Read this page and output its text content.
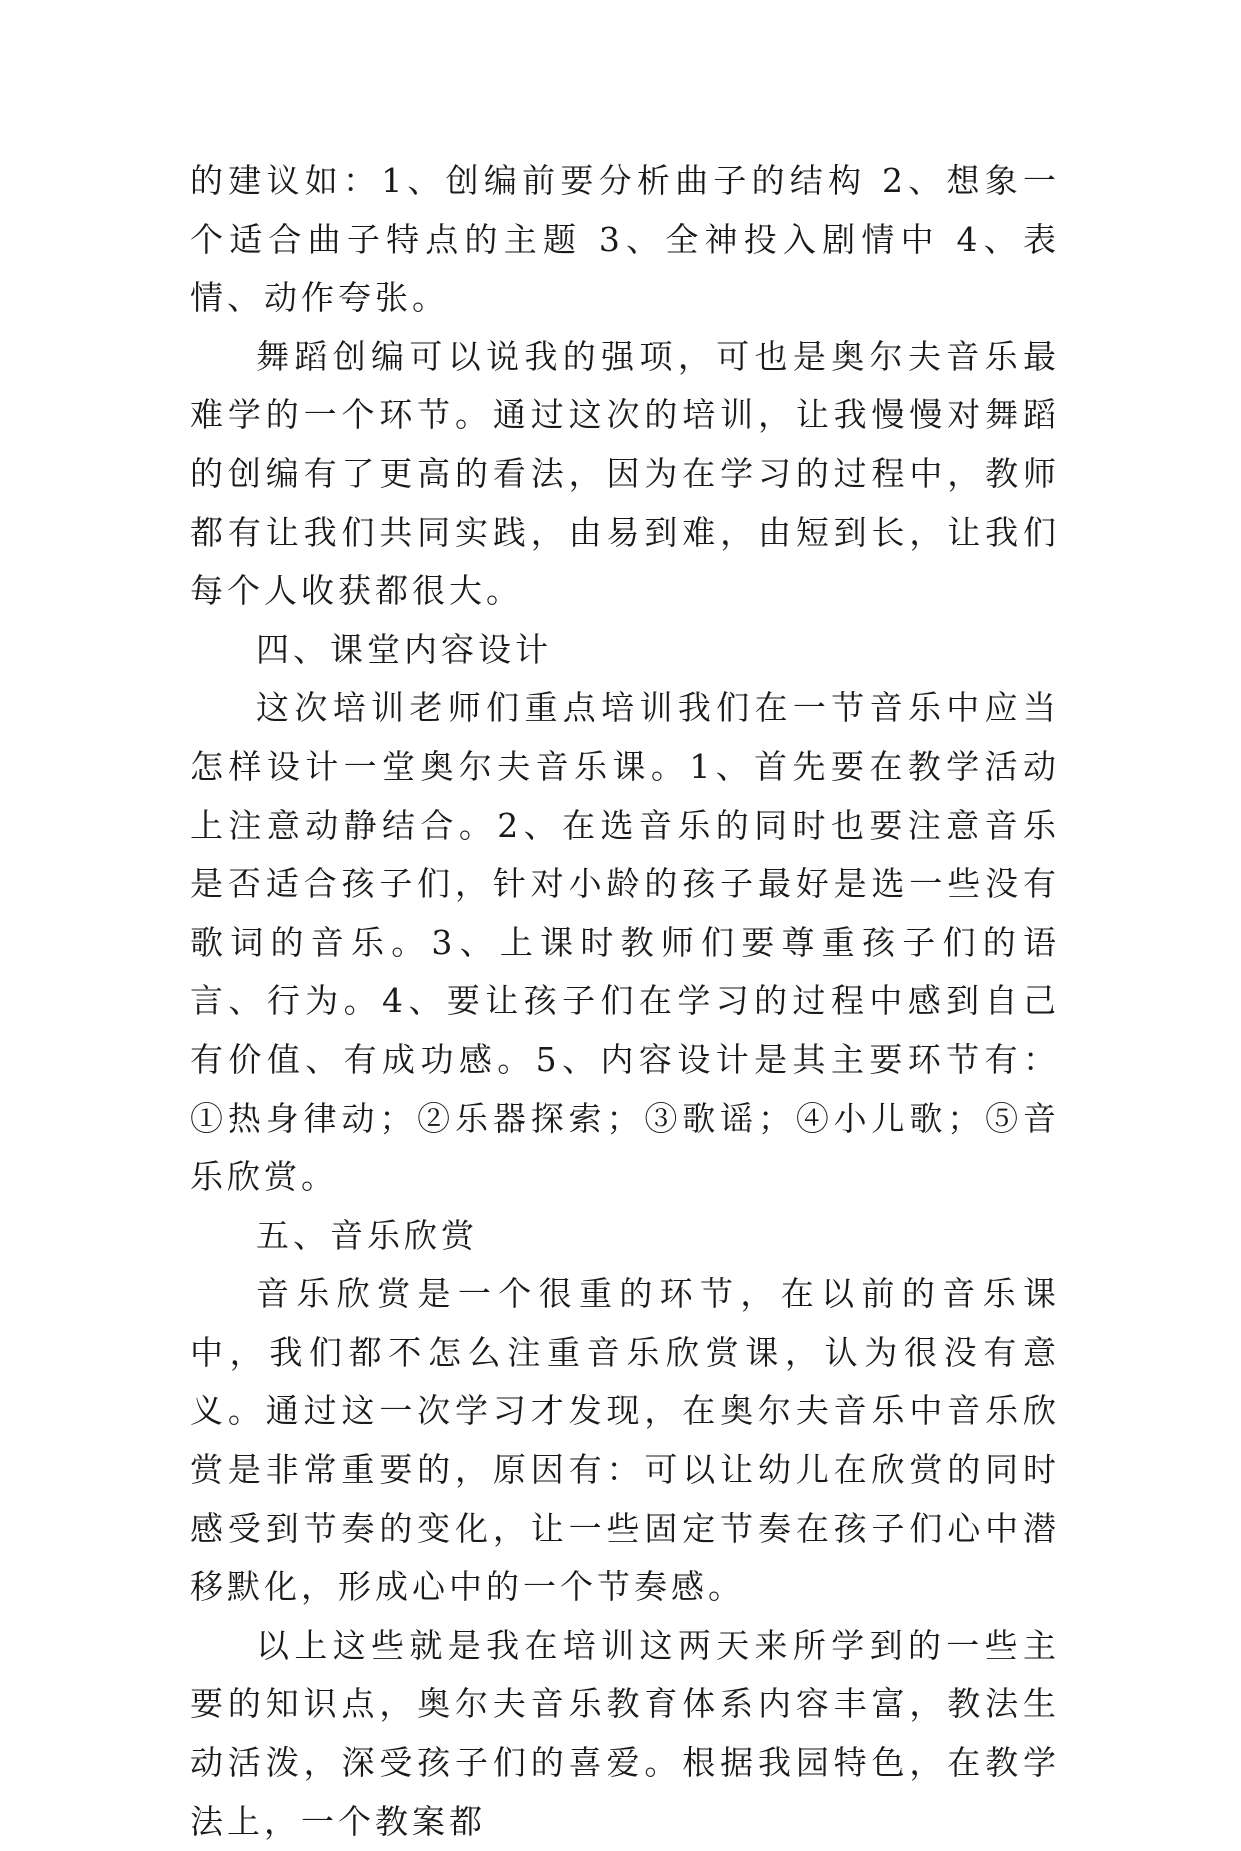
的建议如：1、创编前要分析曲子的结构 2、想象一个适合曲子特点的主题 3、全神投入剧情中 4、表情、动作夸张。

舞蹈创编可以说我的强项，可也是奥尔夫音乐最难学的一个环节。通过这次的培训，让我慢慢对舞蹈的创编有了更高的看法，因为在学习的过程中，教师都有让我们共同实践，由易到难，由短到长，让我们每个人收获都很大。

四、课堂内容设计

这次培训老师们重点培训我们在一节音乐中应当怎样设计一堂奥尔夫音乐课。1、首先要在教学活动上注意动静结合。2、在选音乐的同时也要注意音乐是否适合孩子们，针对小龄的孩子最好是选一些没有歌词的音乐。3、上课时教师们要尊重孩子们的语言、行为。4、要让孩子们在学习的过程中感到自己有价值、有成功感。5、内容设计是其主要环节有：①热身律动；②乐器探索；③歌谣；④小儿歌；⑤音乐欣赏。

五、音乐欣赏

音乐欣赏是一个很重的环节，在以前的音乐课中，我们都不怎么注重音乐欣赏课，认为很没有意义。通过这一次学习才发现，在奥尔夫音乐中音乐欣赏是非常重要的，原因有：可以让幼儿在欣赏的同时感受到节奏的变化，让一些固定节奏在孩子们心中潜移默化，形成心中的一个节奏感。

以上这些就是我在培训这两天来所学到的一些主要的知识点，奥尔夫音乐教育体系内容丰富，教法生动活泼，深受孩子们的喜爱。根据我园特色，在教学法上，一个教案都
